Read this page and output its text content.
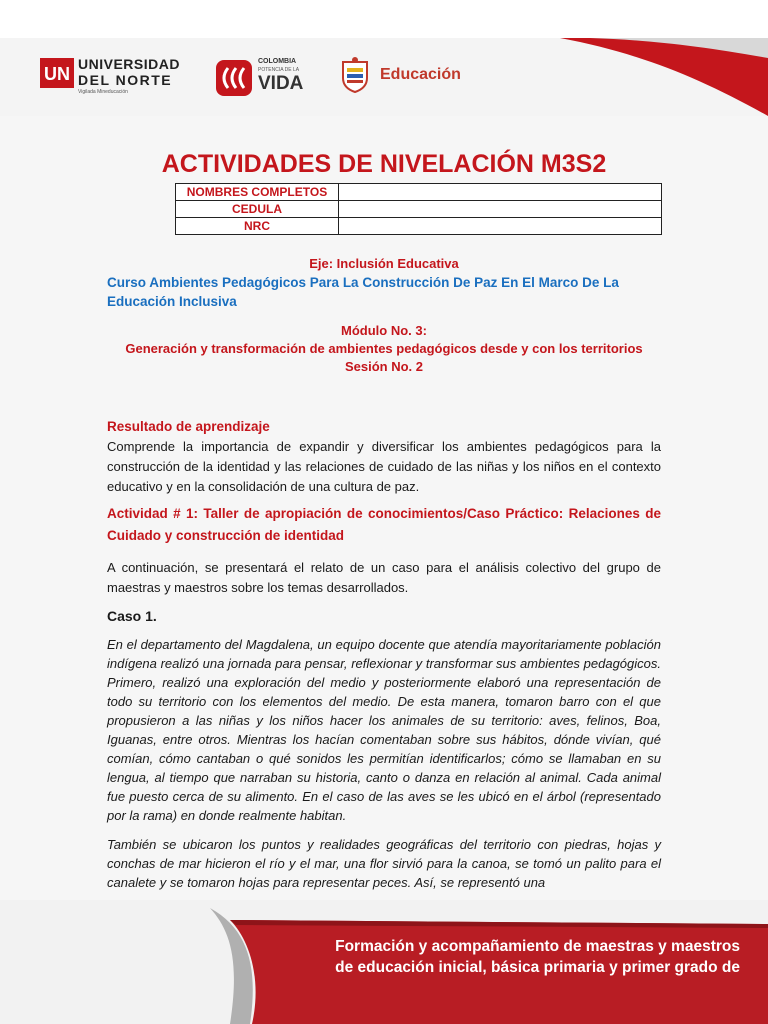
UN UNIVERSIDAD
DEL NORTE
Vigilada Mineducación
COLOMBIA
POTENCIA DE LA
VIDA	Educación
ACTIVIDADES DE NIVELACIÓN M3S2
NOMBRES COMPLETOS	
CEDULA	
NRC	
Eje: Inclusión Educativa
Curso Ambientes Pedagógicos Para La Construcción De Paz En El Marco De La Educación Inclusiva
Módulo No. 3:
Generación y transformación de ambientes pedagógicos desde y con los territorios
Sesión No. 2
Resultado de aprendizaje
Comprende la importancia de expandir y diversificar los ambientes pedagógicos para la construcción de la identidad y las relaciones de cuidado de las niñas y los niños en el contexto educativo y en la consolidación de una cultura de paz.
Actividad # 1: Taller de apropiación de conocimientos/Caso Práctico: Relaciones de Cuidado y construcción de identidad
A continuación, se presentará el relato de un caso para el análisis colectivo del grupo de maestras y maestros sobre los temas desarrollados.
Caso 1.
En el departamento del Magdalena, un equipo docente que atendía mayoritariamente población indígena realizó una jornada para pensar, reflexionar y transformar sus ambientes pedagógicos. Primero, realizó una exploración del medio y posteriormente elaboró una representación de todo su territorio con los elementos del medio. De esta manera, tomaron barro con el que propusieron a las niñas y los niños hacer los animales de su territorio: aves, felinos, Boa, Iguanas, entre otros. Mientras los hacían comentaban sobre sus hábitos, dónde vivían, qué comían, cómo cantaban o qué sonidos les permitían identificarlos; cómo se llamaban en su lengua, al tiempo que narraban su historia, canto o danza en relación al animal. Cada animal fue puesto cerca de su alimento. En el caso de las aves se les ubicó en el árbol (representado por la rama) en donde realmente habitan.
También se ubicaron los puntos y realidades geográficas del territorio con piedras, hojas y conchas de mar hicieron el río y el mar, una flor sirvió para la canoa, se tomó un palito para el canalete y se tomaron hojas para representar peces. Así, se representó una
Formación y acompañamiento de maestras y maestros
de educación inicial, básica primaria y primer grado de
